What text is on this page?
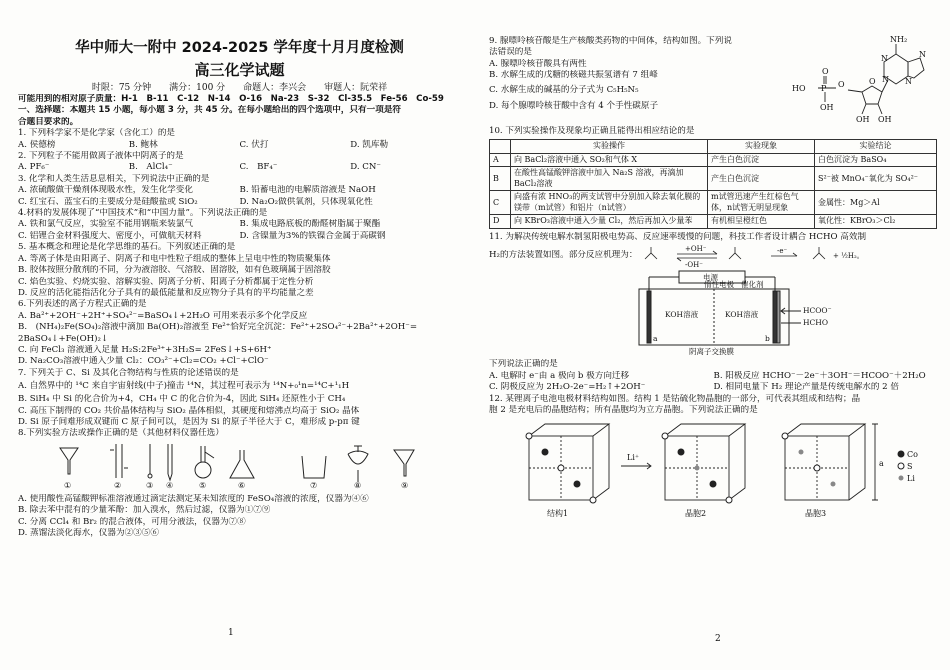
华中师大一附中 2024-2025 学年度十月月度检测
高三化学试题
时限：75 分钟　　满分：100 分　　命题人：李兴会　　审题人：阮荣祥
可能用到的相对原子质量：H-1　B-11　C-12　N-14　O-16　Na-23　S-32　Cl-35.5　Fe-56　Co-59
一、选择题：本题共 15 小题，每小题 3 分，共 45 分。在每小题给出的四个选项中，只有一项是符
合题目要求的。
1. 下列科学家不是化学家（含化工）的是
A. 侯德榜	B. 鲍林	C. 伏打	D. 凯库勒
2. 下列粒子不能用做离子液体中阴离子的是
A. PF₆⁻	B.　AlCl₄⁻	C.　BF₄⁻	D. CN⁻
3. 化学和人类生活息息相关，下列说法中正确的是
A. 浓硫酸做干燥剂体现吸水性，发生化学变化	B. 铅蓄电池的电解质溶液是 NaOH
C. 红宝石、蓝宝石的主要成分是硅酸盐或 SiO₂	D. Na₂O₂做供氧剂，只体现氧化性
4.材料的发展体现了“中国技术”和“中国力量”。下列说法正确的是
A. 铁和氯气反应，实验室不能用钢瓶来装氯气	B. 集成电路底板的酚醛树脂属于聚酯
C. 铝锂合金材料强度大、密度小，可做航天材料	D. 含镍量为3%的铁镍合金属于高碳钢
5. 基本概念和理论是化学思维的基石。下列叙述正确的是
A. 等离子体是由阳离子、阴离子和电中性粒子组成的整体上呈电中性的物质聚集体
B. 胶体按照分散剂的不同，分为液溶胶、气溶胶、固溶胶，如有色玻璃属于固溶胶
C. 焰色实验、灼烧实验、溶解实验、阴离子分析、阳离子分析都属于定性分析
D. 反应的活化能指活化分子具有的最低能量和反应物分子具有的平均能量之差
6.下列表述的离子方程式正确的是
A. Ba²⁺+2OH⁻+2H⁺+SO₄²⁻=BaSO₄↓+2H₂O 可用来表示多个化学反应
B.　(NH₄)₂Fe(SO₄)₂溶液中滴加 Ba(OH)₂溶液至 Fe²⁺恰好完全沉淀：Fe²⁺+2SO₄²⁻+2Ba²⁺+2OH⁻=
2BaSO₄↓+Fe(OH)₂↓
C. 向 FeCl₃ 溶液通入足量 H₂S:2Fe³⁺+3H₂S= 2FeS↓+S+6H⁺
D. Na₂CO₃溶液中通入少量 Cl₂：CO₃²⁻+Cl₂=CO₂ +Cl⁻+ClO⁻
7. 下列关于 C、Si 及其化合物结构与性质的论述错误的是
A. 自然界中的 ¹⁴C 来自宇宙射线(中子)撞击 ¹⁴N，其过程可表示为 ¹⁴N+₀¹n=¹⁴C+¹₁H
B. SiH₄ 中 Si 的化合价为+4，CH₄ 中 C 的化合价为-4，因此 SiH₄ 还原性小于 CH₄
C. 高压下制得的 CO₂ 共价晶体结构与 SiO₂ 晶体相似，其硬度和熔沸点均高于 SiO₂ 晶体
D. Si 原子间难形成双键而 C 原子间可以，是因为 Si 的原子半径大于 C，难形成 p-pπ 键
8.下列实验方法或操作正确的是（其他材料仪器任选）
①	②	③ ④	⑤	⑥	⑦	⑧	⑨
A. 使用酸性高锰酸钾标准溶液通过滴定法测定某未知浓度的 FeSO₄溶液的浓度，仪器为④⑥
B. 除去苯中混有的少量苯酚：加入溴水，然后过滤，仪器为①⑦⑨
C. 分离 CCl₄ 和 Br₂ 的混合液体，可用分液法，仪器为⑦⑧
D. 蒸馏法淡化海水，仪器为②③⑤⑥
1
9. 腺嘌呤核苷酸是生产核酸类药物的中间体，结构如图。下列说
法错误的是
A. 腺嘌呤核苷酸具有两性
B. 水解生成的戊糖的核磁共振氢谱有 7 组峰
C. 水解生成的碱基的分子式为 C₅H₅N₅
D. 每个腺嘌呤核苷酸中含有 4 个手性碳原子
NH₂
N
N
N
N
HO P
O
OH
OH OH
O	O
10. 下列实验操作及现象均正确且能得出相应结论的是
	实验操作	实验现象	实验结论
A	向 BaCl₂溶液中通入 SO₂和气体 X	产生白色沉淀	白色沉淀为 BaSO₄
B	在酸性高锰酸钾溶液中加入 Na₂S 溶液，再滴加 BaCl₂溶液	产生白色沉淀	S²⁻被 MnO₄⁻氧化为 SO₄²⁻
C	向盛有浓 HNO₃的两支试管中分别加入除去氧化膜的镁带（m试管）和铝片（n试管）	m试管迅速产生红棕色气体，n试管无明显现象	金属性：Mg＞Al
D	向 KBrO₃溶液中通入少量 Cl₂，然后再加入少量苯	有机相呈橙红色	氧化性：KBrO₃＞Cl₂
11. 为解决传统电解水制氢阳极电势高、反应速率缓慢的问题，科技工作者设计耦合 HCHO 高效制
H₂的方法装置如图。部分反应机理为：
+OH⁻
-OH⁻
-e⁻
+ ½H₂。
电源
惰性电极 催化剂
KOH溶液	KOH溶液	HCOO⁻
HCHO
a	b
阴离子交换膜
下列说法正确的是
A. 电解时 e⁻由 a 极向 b 极方向迁移	B. 阳极反应 HCHO⁻－2e⁻＋3OH⁻＝HCOO⁻＋2H₂O
C. 阴极反应为 2H₂O-2e⁻=H₂↑+2OH⁻	D. 相同电量下 H₂ 理论产量是传统电解水的 2 倍
12. 某锂离子电池电极材料结构如图。结构 1 是钴硫化物晶胞的一部分，可代表其组成和结构；晶
胞 2 是充电后的晶胞结构；所有晶胞均为立方晶胞。下列说法正确的是
Li⁺
a
Co
S
Li
结构1	晶胞2	晶胞3
2
